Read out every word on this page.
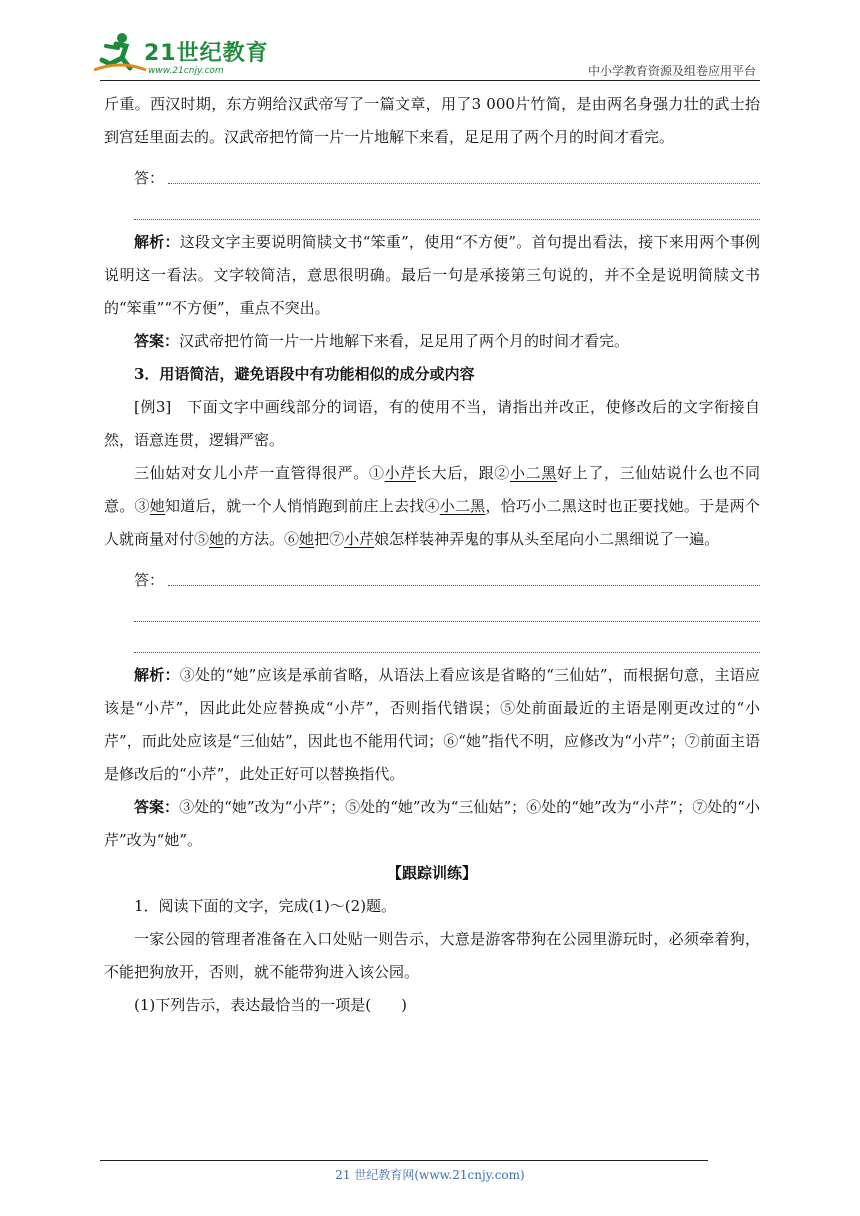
21世纪教育
www.21cnjy.com	中小学教育资源及组卷应用平台

斤重。西汉时期，东方朔给汉武帝写了一篇文章，用了3 000片竹简，是由两名身强力壮的武士抬到宫廷里面去的。汉武帝把竹简一片一片地解下来看，足足用了两个月的时间才看完。

答：

解析：这段文字主要说明简牍文书“笨重”，使用“不方便”。首句提出看法，接下来用两个事例说明这一看法。文字较简洁，意思很明确。最后一句是承接第三句说的，并不全是说明简牍文书的“笨重”“不方便”，重点不突出。

答案：汉武帝把竹简一片一片地解下来看，足足用了两个月的时间才看完。

3．用语简洁，避免语段中有功能相似的成分或内容

[例3]　 下面文字中画线部分的词语，有的使用不当，请指出并改正，使修改后的文字衔接自然，语意连贯，逻辑严密。

三仙姑对女儿小芹一直管得很严。①小芹长大后，跟②小二黑好上了，三仙姑说什么也不同意。③她知道后，就一个人悄悄跑到前庄上去找④小二黑，恰巧小二黑这时也正要找她。于是两个人就商量对付⑤她的方法。⑥她把⑦小芹娘怎样装神弄鬼的事从头至尾向小二黑细说了一遍。

答：

解析：③处的“她”应该是承前省略，从语法上看应该是省略的“三仙姑”，而根据句意，主语应该是“小芹”，因此此处应替换成“小芹”，否则指代错误；⑤处前面最近的主语是刚更改过的“小芹”，而此处应该是“三仙姑”，因此也不能用代词；⑥“她”指代不明，应修改为“小芹”；⑦前面主语是修改后的“小芹”，此处正好可以替换指代。

答案：③处的“她”改为“小芹”；⑤处的“她”改为“三仙姑”；⑥处的“她”改为“小芹”；⑦处的“小芹”改为“她”。

【跟踪训练】

1．阅读下面的文字，完成(1)～(2)题。

一家公园的管理者准备在入口处贴一则告示，大意是游客带狗在公园里游玩时，必须牵着狗，不能把狗放开，否则，就不能带狗进入该公园。

(1)下列告示，表达最恰当的一项是(　　)

21 世纪教育网(www.21cnjy.com)
